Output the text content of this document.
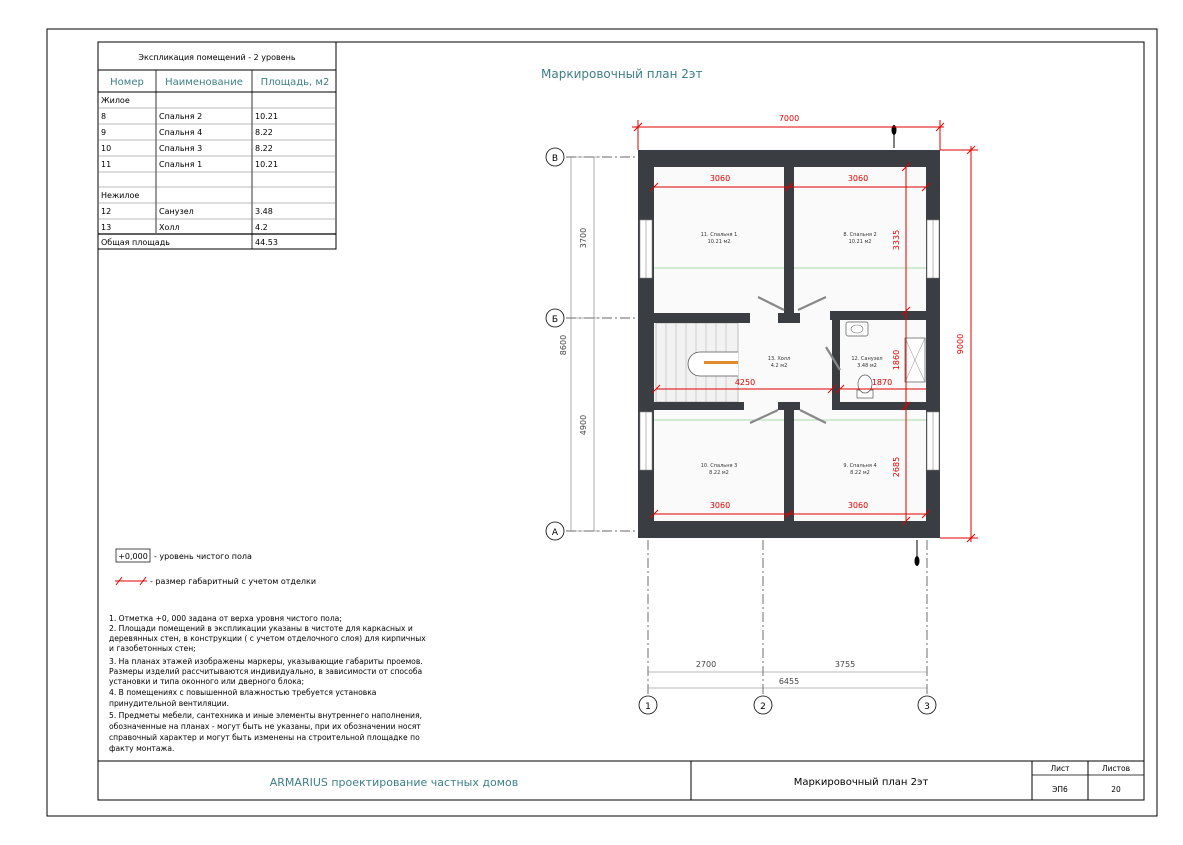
Экспликация помещений - 2 уровень
Номер Наименование Площадь, м2
Жилое
8	Спальня 2	10.21
9	Спальня 4	8.22
10	Спальня 3	8.22
11	Спальня 1	10.21
Нежилое
12	Санузел	3.48
13	Холл	4.2
Общая площадь	44.53
Маркировочный план 2эт
+0,000 - уровень чистого пола
- размер габаритный с учетом отделки
1. Отметка +0, 000 задана от верха уровня чистого пола;
2. Площади помещений в экспликации указаны в чистоте для каркасных и
деревянных стен, в конструкции ( с учетом отделочного слоя) для кирпичных
и газобетонных стен;
3. На планах этажей изображены маркеры, указывающие габариты проемов.
Размеры изделий рассчитываются индивидуально, в зависимости от способа
установки и типа оконного или дверного блока;
4. В помещениях с повышенной влажностью требуется установка
принудительной вентиляции.
5. Предметы мебели, сантехника и иные элементы внутреннего наполнения,
обозначенные на планах - могут быть не указаны, при их обозначении носят
справочный характер и могут быть изменены на строительной площадке по
факту монтажа.
11. Спальня 1
10.21 м2
8. Спальня 2
10.21 м2
13. Холл
4.2 м2
12. Санузел
3.48 м2
10. Спальня 3
8.22 м2
9. Спальня 4
8.22 м2
7000
9000
3060	3060
3060	3060
3335
1860
2685
4250	1870
3700
4900
8600
2700	3755
6455
В
Б
А
1	2	3
ARMARIUS проектирование частных домов	Маркировочный план 2эт
Лист	Листов
ЭП6	20
